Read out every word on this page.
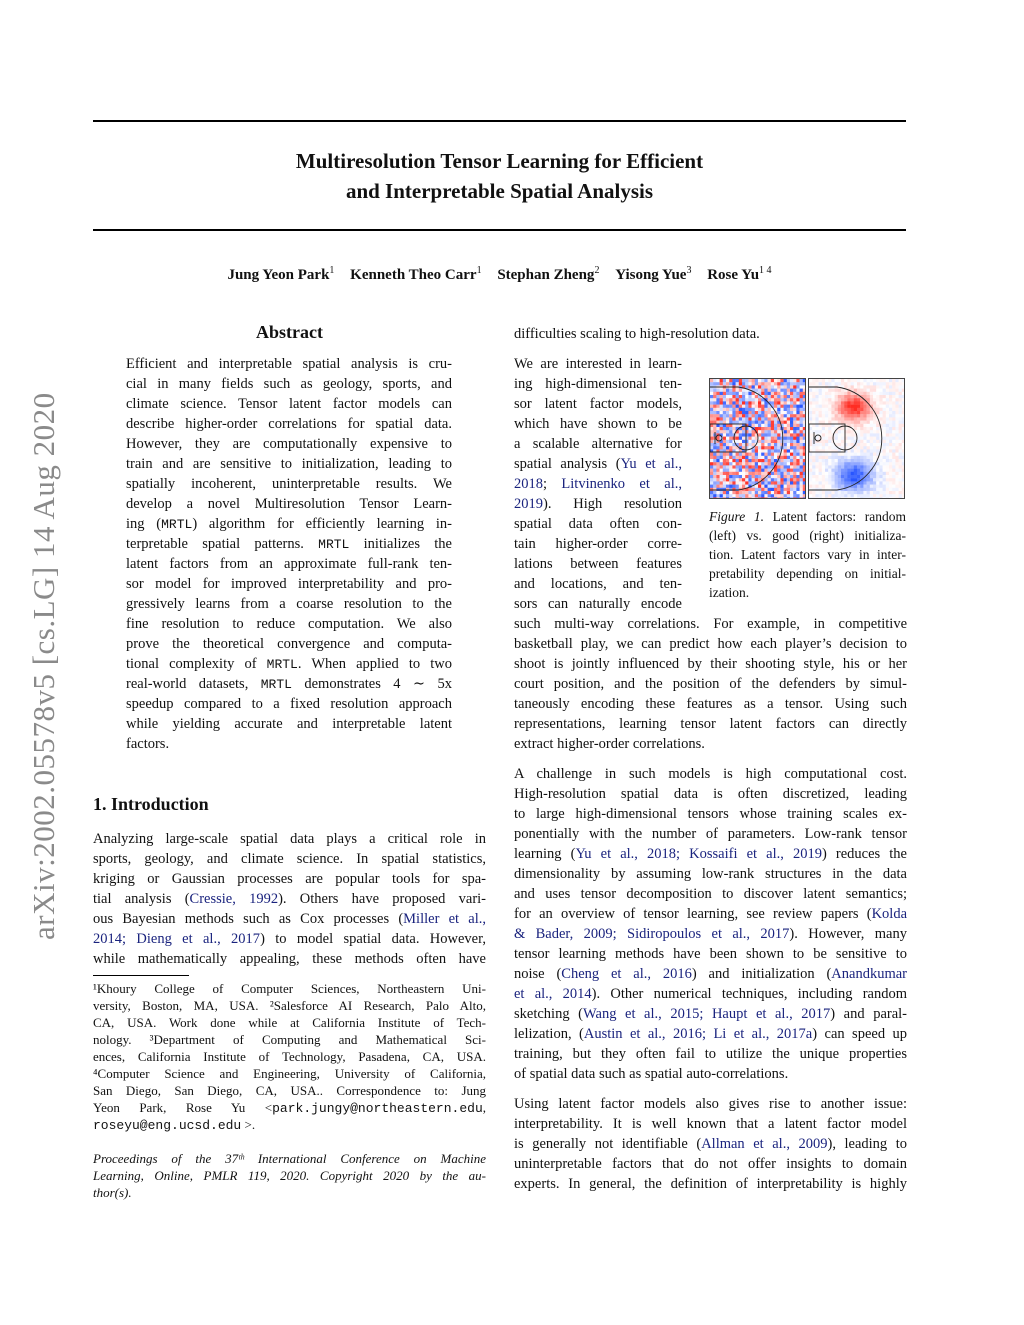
Multiresolution Tensor Learning for Efficient
and Interpretable Spatial Analysis
Jung Yeon Park$^1$ Kenneth Theo Carr$^1$ Stephan Zheng$^2$ Yisong Yue$^3$ Rose $Yu^{1 4}$
arXiv:2002.05578v5 [cs.LG] 14 Aug 2020
Abstract
Efficient and interpretable spatial analysis is cru-
cial in many fields such as geology, sports, and
climate science. Tensor latent factor models can
describe higher-order correlations for spatial data.
However, they are computationally expensive to
train and are sensitive to initialization, leading to
spatially incoherent, uninterpretable results. We
develop a novel Multiresolution Tensor Learn-
ing (MRTL) algorithm for efficiently learning in-
terpretable spatial patterns. MRTL initializes the
latent factors from an approximate full-rank ten-
sor model for improved interpretability and pro-
gressively learns from a coarse resolution to the
fine resolution to reduce computation. We also
prove the theoretical convergence and computa-
tional complexity of MRTL. When applied to two
real-world datasets, MRTL demonstrates 4 ∼ 5x
speedup compared to a fixed resolution approach
while yielding accurate and interpretable latent
factors.
1. Introduction
Analyzing large-scale spatial data plays a critical role in
sports, geology, and climate science. In spatial statistics,
kriging or Gaussian processes are popular tools for spa-
tial analysis (Cressie, 1992). Others have proposed vari-
ous Bayesian methods such as Cox processes (Miller et al.,
2014; Dieng et al., 2017) to model spatial data. However,
while mathematically appealing, these methods often have
¹Khoury College of Computer Sciences, Northeastern Uni-
versity, Boston, MA, USA. ²Salesforce AI Research, Palo Alto,
CA, USA. Work done while at California Institute of Tech-
nology. ³Department of Computing and Mathematical Sci-
ences, California Institute of Technology, Pasadena, CA, USA.
⁴Computer Science and Engineering, University of California,
San Diego, San Diego, CA, USA.. Correspondence to: Jung
Yeon Park, Rose Yu <park.jungy@northeastern.edu,
roseyu@eng.ucsd.edu >.
Proceedings of the 37ᵗʰ International Conference on Machine
Learning, Online, PMLR 119, 2020. Copyright 2020 by the au-
thor(s).
difficulties scaling to high-resolution data.
We are interested in learn-
ing high-dimensional ten-
sor latent factor models,
which have shown to be
a scalable alternative for
spatial analysis (Yu et al.,
2018; Litvinenko et al.,
2019). High resolution
spatial data often con-
tain higher-order corre-
lations between features
and locations, and ten-
sors can naturally encode
such multi-way correlations. For example, in competitive
basketball play, we can predict how each player’s decision to
shoot is jointly influenced by their shooting style, his or her
court position, and the position of the defenders by simul-
taneously encoding these features as a tensor. Using such
representations, learning tensor latent factors can directly
extract higher-order correlations.
A challenge in such models is high computational cost.
High-resolution spatial data is often discretized, leading
to large high-dimensional tensors whose training scales ex-
ponentially with the number of parameters. Low-rank tensor
learning (Yu et al., 2018; Kossaifi et al., 2019) reduces the
dimensionality by assuming low-rank structures in the data
and uses tensor decomposition to discover latent semantics;
for an overview of tensor learning, see review papers (Kolda
& Bader, 2009; Sidiropoulos et al., 2017). However, many
tensor learning methods have been shown to be sensitive to
noise (Cheng et al., 2016) and initialization (Anandkumar
et al., 2014). Other numerical techniques, including random
sketching (Wang et al., 2015; Haupt et al., 2017) and paral-
lelization, (Austin et al., 2016; Li et al., 2017a) can speed up
training, but they often fail to utilize the unique properties
of spatial data such as spatial auto-correlations.
Using latent factor models also gives rise to another issue:
interpretability. It is well known that a latent factor model
is generally not identifiable (Allman et al., 2009), leading to
uninterpretable factors that do not offer insights to domain
experts. In general, the definition of interpretability is highly
Figure 1. Latent factors: random
(left) vs. good (right) initializa-
tion. Latent factors vary in inter-
pretability depending on initial-
ization.
